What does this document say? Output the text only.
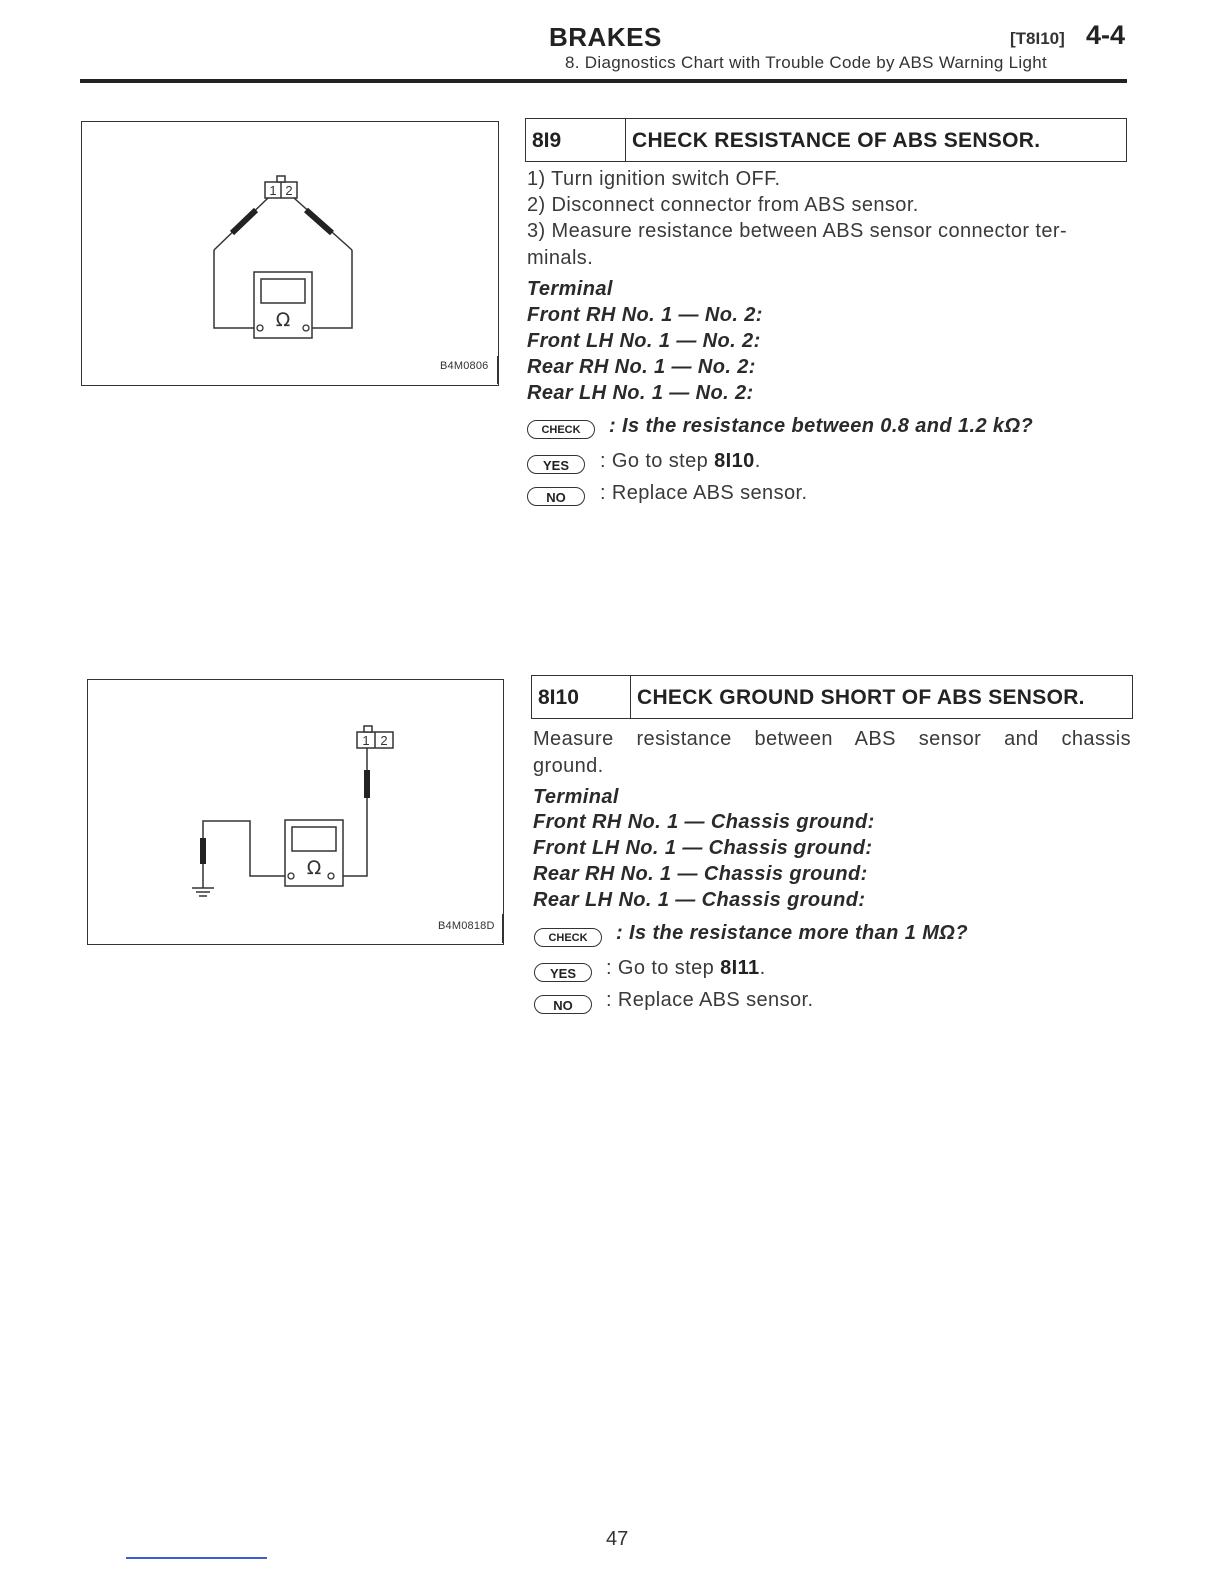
BRAKES	[T8I10] 4-4
8. Diagnostics Chart with Trouble Code by ABS Warning Light
1 2
Ω
B4M0806
8I9	CHECK RESISTANCE OF ABS SENSOR.
1) Turn ignition switch OFF.
2) Disconnect connector from ABS sensor.
3) Measure resistance between ABS sensor connector ter-
minals.
Terminal
Front RH No. 1 — No. 2:
Front LH No. 1 — No. 2:
Rear RH No. 1 — No. 2:
Rear LH No. 1 — No. 2:
CHECK	: Is the resistance between 0.8 and 1.2 kΩ?
YES	: Go to step 8I10.
NO	: Replace ABS sensor.
1 2
Ω
B4M0818D
8I10	CHECK GROUND SHORT OF ABS SENSOR.
Measure resistance between ABS sensor and chassis
ground.
Terminal
Front RH No. 1 — Chassis ground:
Front LH No. 1 — Chassis ground:
Rear RH No. 1 — Chassis ground:
Rear LH No. 1 — Chassis ground:
CHECK	: Is the resistance more than 1 MΩ?
YES	: Go to step 8I11.
NO	: Replace ABS sensor.
47
